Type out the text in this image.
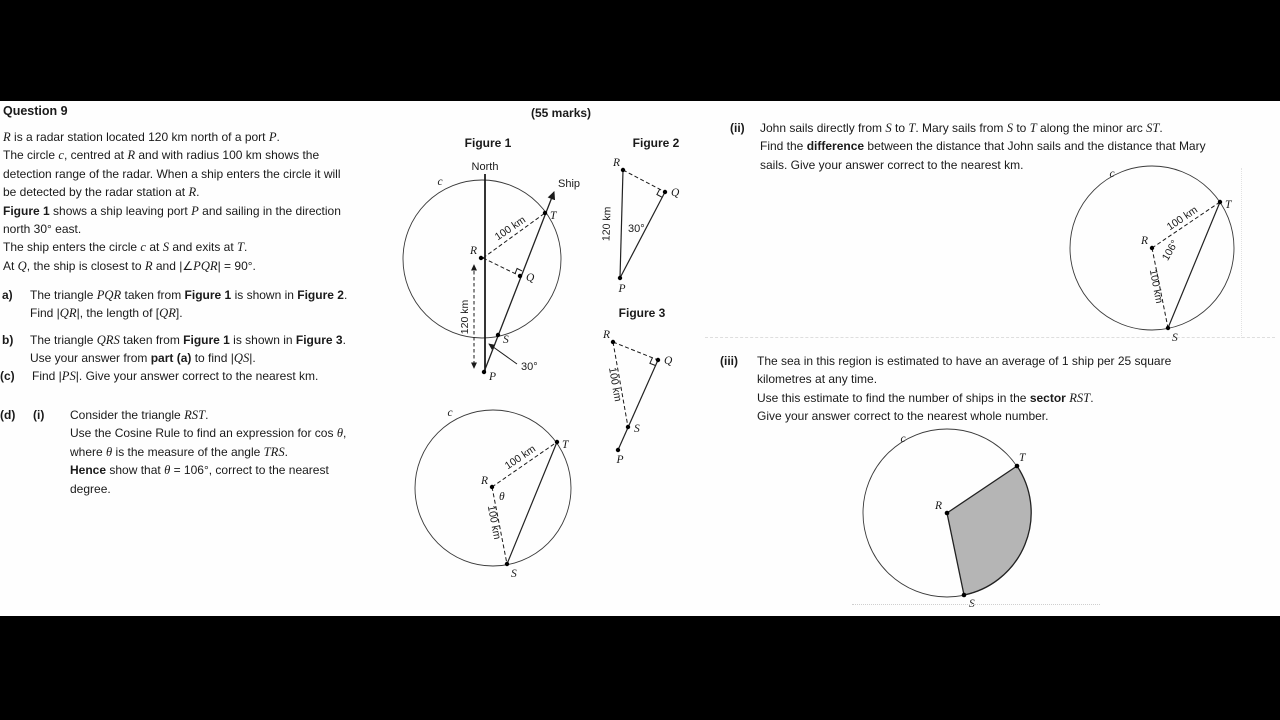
Question 9	(55 marks)
R is a radar station located 120 km north of a port P.
The circle c, centred at R and with radius 100 km shows the
detection range of the radar. When a ship enters the circle it will
be detected by the radar station at R.
Figure 1 shows a ship leaving port P and sailing in the direction
north 30° east.
The ship enters the circle c at S and exits at T.
At Q, the ship is closest to R and |∠PQR| = 90°.
a) The triangle PQR taken from Figure 1 is shown in Figure 2.
Find |QR|, the length of [QR].
b) The triangle QRS taken from Figure 1 is shown in Figure 3.
Use your answer from part (a) to find |QS|.
(c) Find |PS|. Give your answer correct to the nearest km.
(d) (i) Consider the triangle RST.
Use the Cosine Rule to find an expression for cos θ,
where θ is the measure of the angle TRS.
Hence show that θ = 106°, correct to the nearest
degree.
(ii) John sails directly from S to T. Mary sails from S to T along the minor arc ST.
Find the difference between the distance that John sails and the distance that Mary
sails. Give your answer correct to the nearest km.
(iii) The sea in this region is estimated to have an average of 1 ship per 25 square
kilometres at any time.
Use this estimate to find the number of ships in the sector RST.
Give your answer correct to the nearest whole number.
Figure 1
North
c	Ship
100 km
120 km
30°
R
T
Q
S
P
Figure 2
120 km 30°
R
Q
P
Figure 3
100 km
R
Q
S
P
c
100 km
100 km
θ
R
T
S
c
100 km
100 km
106°
R
T
S
c
R
T
S
